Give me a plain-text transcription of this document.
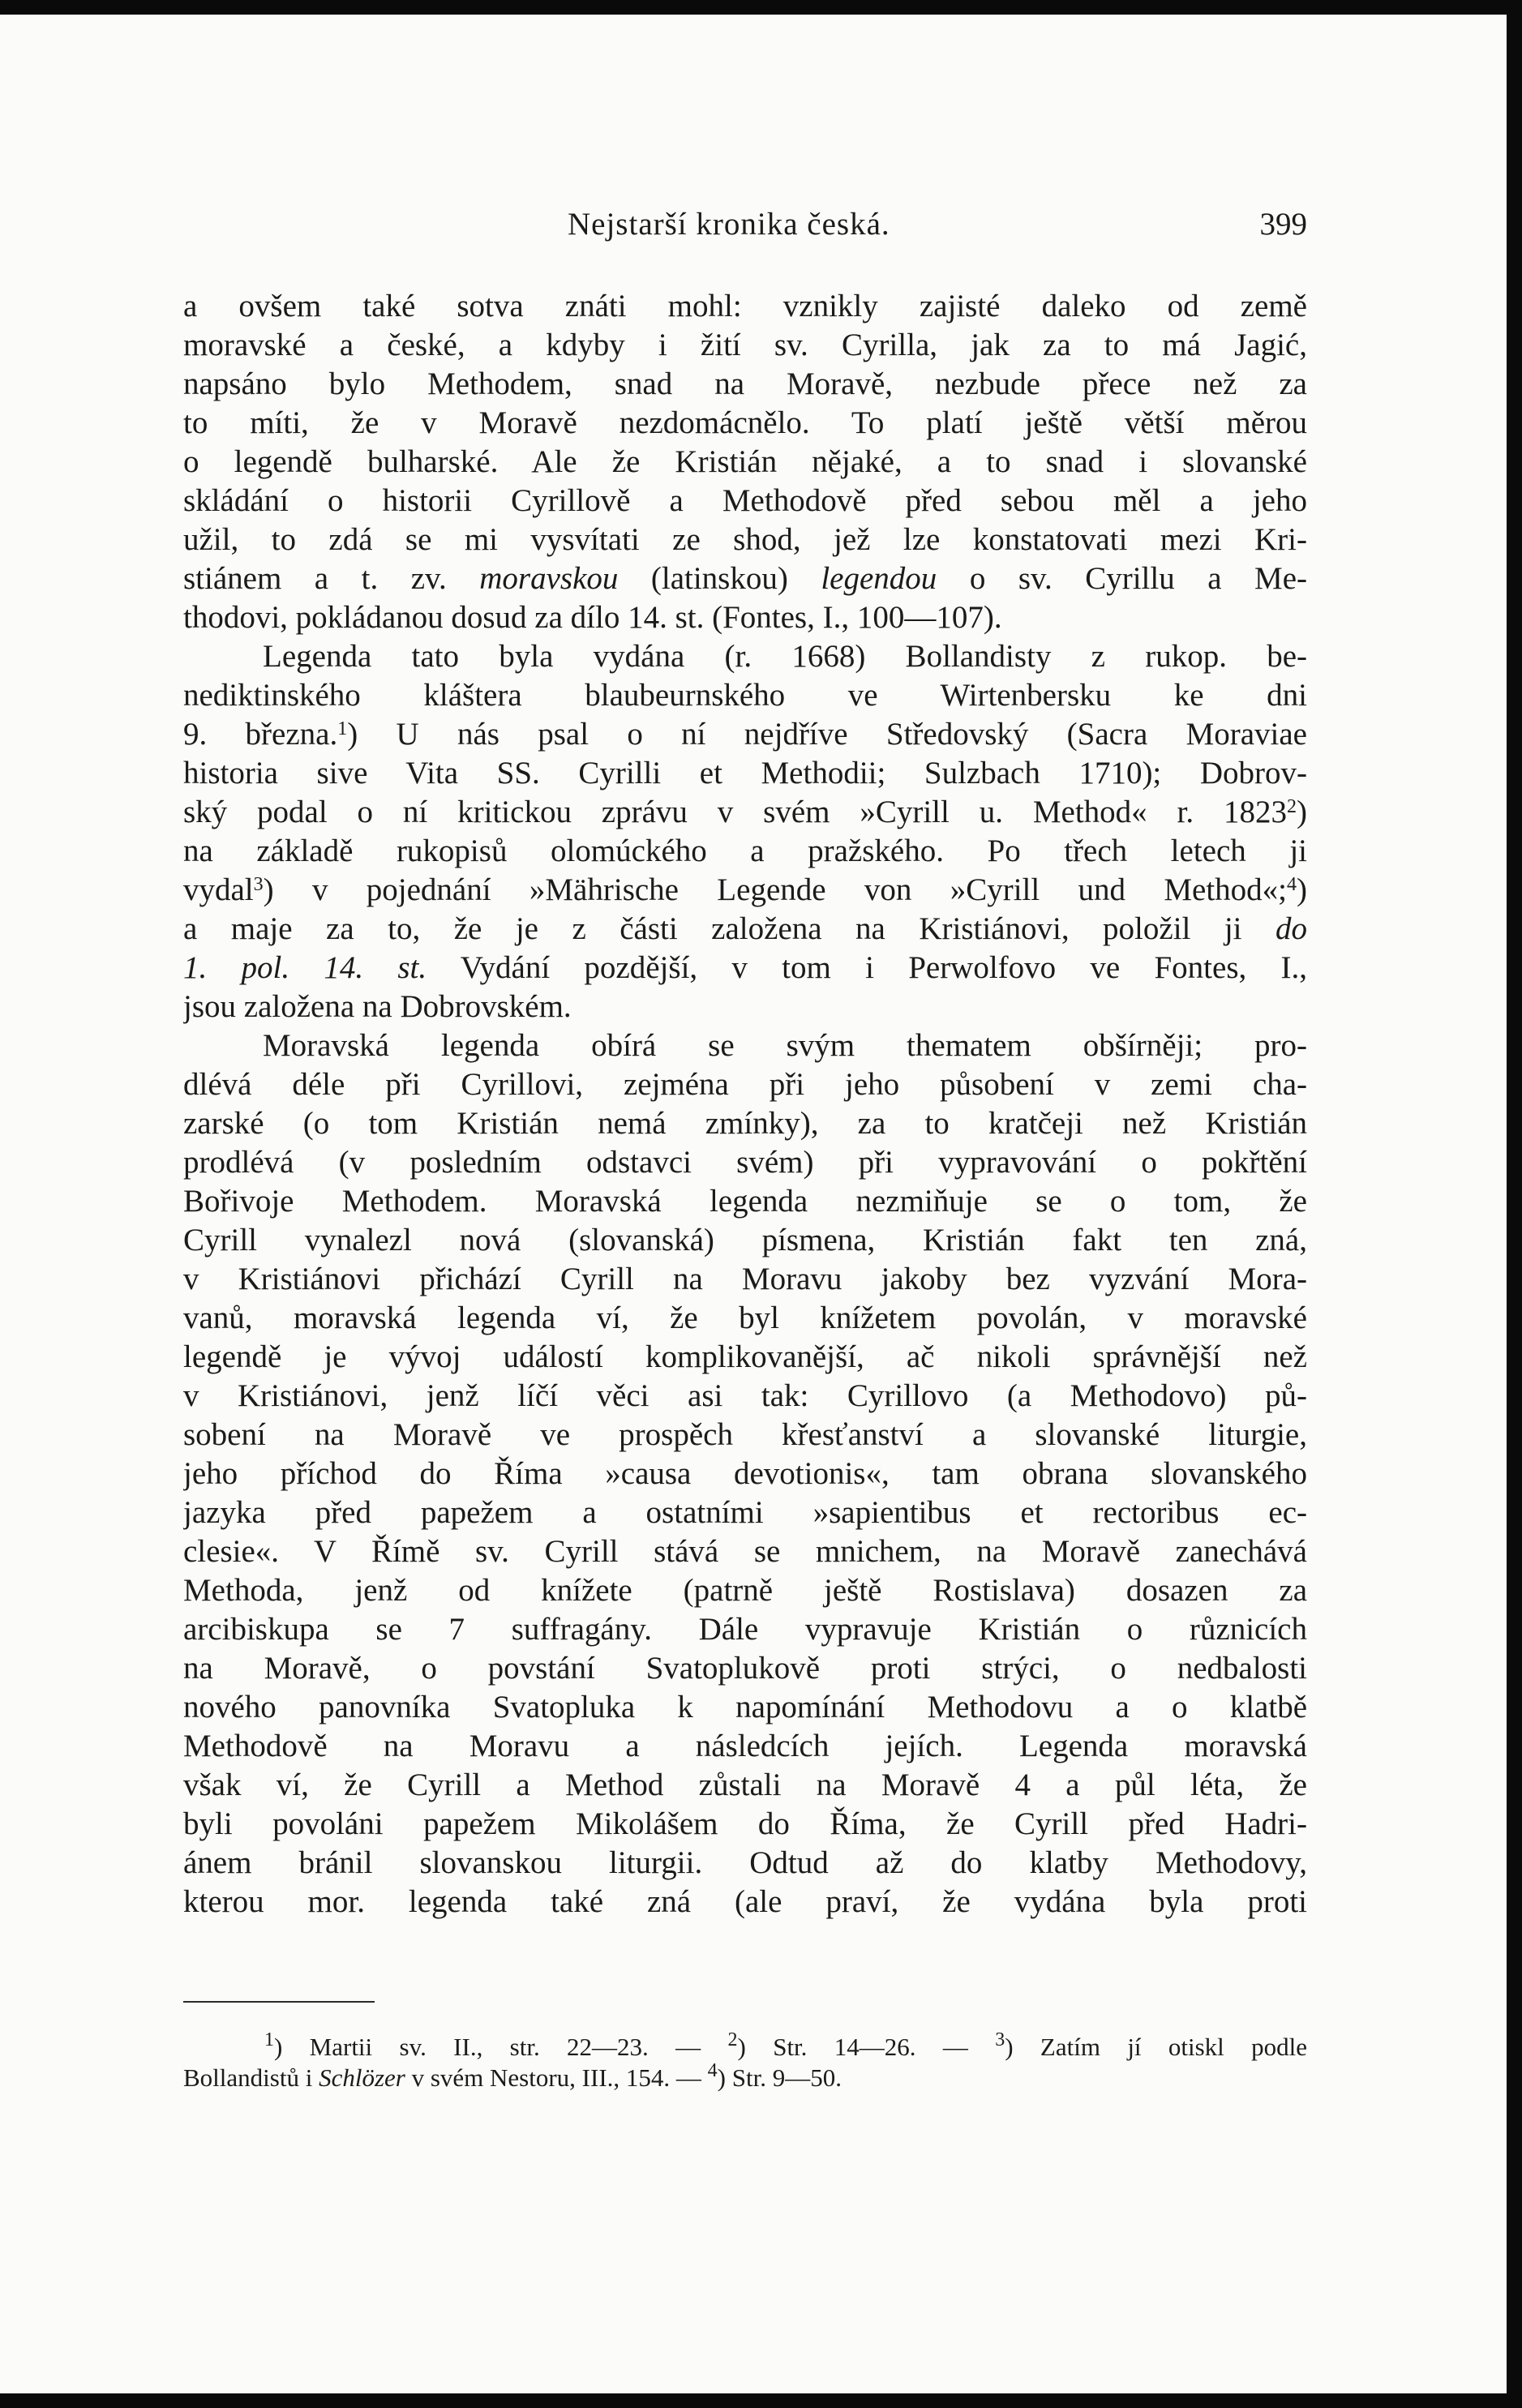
Nejstarší kronika česká.	399
a ovšem také sotva znáti mohl: vznikly zajisté daleko od země
moravské a české, a kdyby i žití sv. Cyrilla, jak za to má Jagić,
napsáno bylo Methodem, snad na Moravě, nezbude přece než za
to míti, že v Moravě nezdomácnělo. To platí ještě větší měrou
o legendě bulharské. Ale že Kristián nějaké, a to snad i slovanské
skládání o historii Cyrillově a Methodově před sebou měl a jeho
užil, to zdá se mi vysvítati ze shod, jež lze konstatovati mezi Kri-
stiánem a t. zv. moravskou (latinskou) legendou o sv. Cyrillu a Me-
thodovi, pokládanou dosud za dílo 14. st. (Fontes, I., 100—107).
Legenda tato byla vydána (r. 1668) Bollandisty z rukop. be-
nediktinského kláštera blaubeurnského ve Wirtenbersku ke dni
9. března.$^1$) U nás psal o ní nejdříve Středovský (Sacra Moraviae
historia sive Vita SS. Cyrilli et Methodii; Sulzbach 1710); Dobrov-
ský podal o ní kritickou zprávu v svém »Cyrill u. Method« r. 1823$^2$)
na základě rukopisů olomúckého a pražského. Po třech letech ji
vydal$^3$) v pojednání »Mährische Legende von »Cyrill und Method«;$^4$)
a maje za to, že je z části založena na Kristiánovi, položil ji do
1. pol. 14. st. Vydání pozdější, v tom i Perwolfovo ve Fontes, I.,
jsou založena na Dobrovském.
Moravská legenda obírá se svým thematem obšírněji; pro-
dlévá déle při Cyrillovi, zejména při jeho působení v zemi cha-
zarské (o tom Kristián nemá zmínky), za to kratčeji než Kristián
prodlévá (v posledním odstavci svém) při vypravování o pokřtění
Bořivoje Methodem. Moravská legenda nezmiňuje se o tom, že
Cyrill vynalezl nová (slovanská) písmena, Kristián fakt ten zná,
v Kristiánovi přichází Cyrill na Moravu jakoby bez vyzvání Mora-
vanů, moravská legenda ví, že byl knížetem povolán, v moravské
legendě je vývoj událostí komplikovanější, ač nikoli správnější než
v Kristiánovi, jenž líčí věci asi tak: Cyrillovo (a Methodovo) pů-
sobení na Moravě ve prospěch křesťanství a slovanské liturgie,
jeho příchod do Říma »causa devotionis«, tam obrana slovanského
jazyka před papežem a ostatními »sapientibus et rectoribus ec-
clesie«. V Římě sv. Cyrill stává se mnichem, na Moravě zanechává
Methoda, jenž od knížete (patrně ještě Rostislava) dosazen za
arcibiskupa se 7 suffragány. Dále vypravuje Kristián o různicích
na Moravě, o povstání Svatoplukově proti strýci, o nedbalosti
nového panovníka Svatopluka k napomínání Methodovu a o klatbě
Methodově na Moravu a následcích jejích. Legenda moravská
však ví, že Cyrill a Method zůstali na Moravě 4 a půl léta, že
byli povoláni papežem Mikolášem do Říma, že Cyrill před Hadri-
ánem bránil slovanskou liturgii. Odtud až do klatby Methodovy,
kterou mor. legenda také zná (ale praví, že vydána byla proti
$^1$) Martii sv. II., str. 22—23. — $^2$) Str. 14—26. — $^3$) Zatím jí otiskl podle
Bollandistů i Schlözer v svém Nestoru, III., 154. — $^4$) Str. 9—50.
